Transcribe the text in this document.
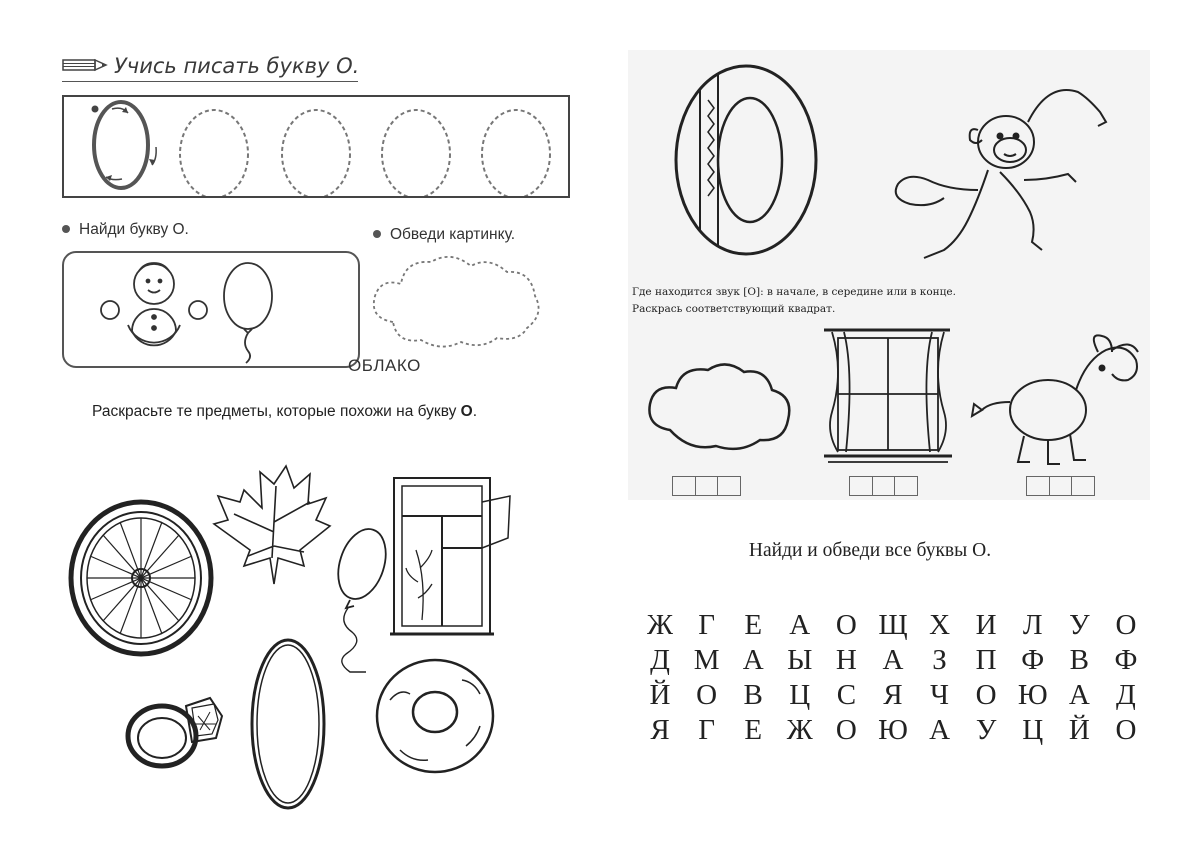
Учись писать букву О.
Найди букву О.	Обведи картинку.
ОБЛАКО
Раскрасьте те предметы, которые похожи на букву О.
Где находится звук [О]: в начале, в середине или в конце.
Раскрась соответствующий квадрат.
Найди и обведи все буквы О.
Ж Г	Е А О Щ Х И Л У О
Д М А Ы Н А З П Ф В Ф
Й О В Ц С Я Ч О Ю А Д
Я Г	Е Ж О Ю А У Ц Й О
